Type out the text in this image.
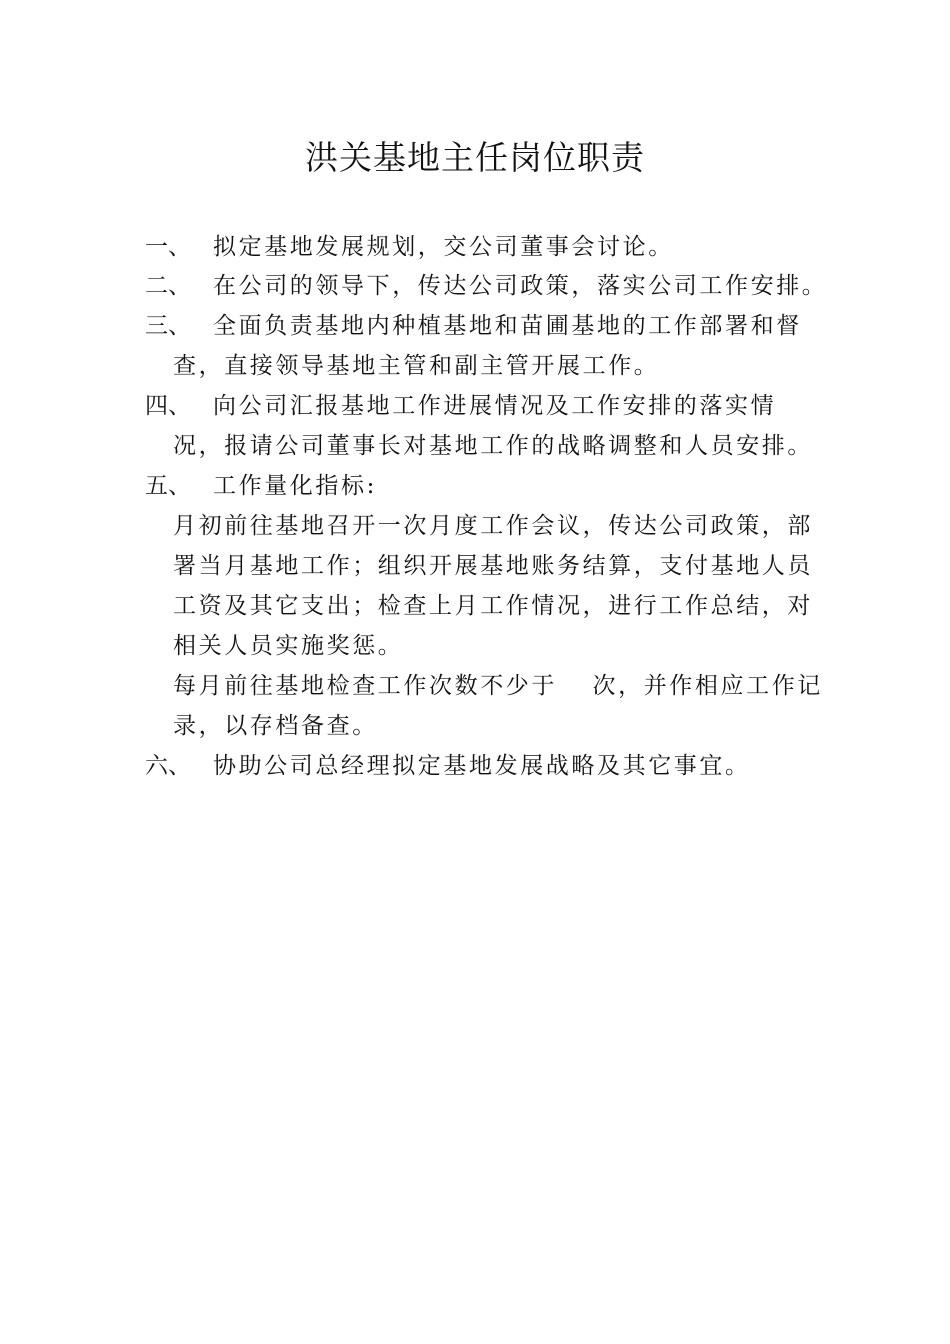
洪关基地主任岗位职责
一、 拟定基地发展规划，交公司董事会讨论。
二、 在公司的领导下，传达公司政策，落实公司工作安排。
三、 全面负责基地内种植基地和苗圃基地的工作部署和督
查，直接领导基地主管和副主管开展工作。
四、 向公司汇报基地工作进展情况及工作安排的落实情
况，报请公司董事长对基地工作的战略调整和人员安排。
五、 工作量化指标:
月初前往基地召开一次月度工作会议，传达公司政策，部
署当月基地工作；组织开展基地账务结算，支付基地人员
工资及其它支出；检查上月工作情况，进行工作总结，对
相关人员实施奖惩。
每月前往基地检查工作次数不少于　 次，并作相应工作记
录，以存档备查。
六、 协助公司总经理拟定基地发展战略及其它事宜。
